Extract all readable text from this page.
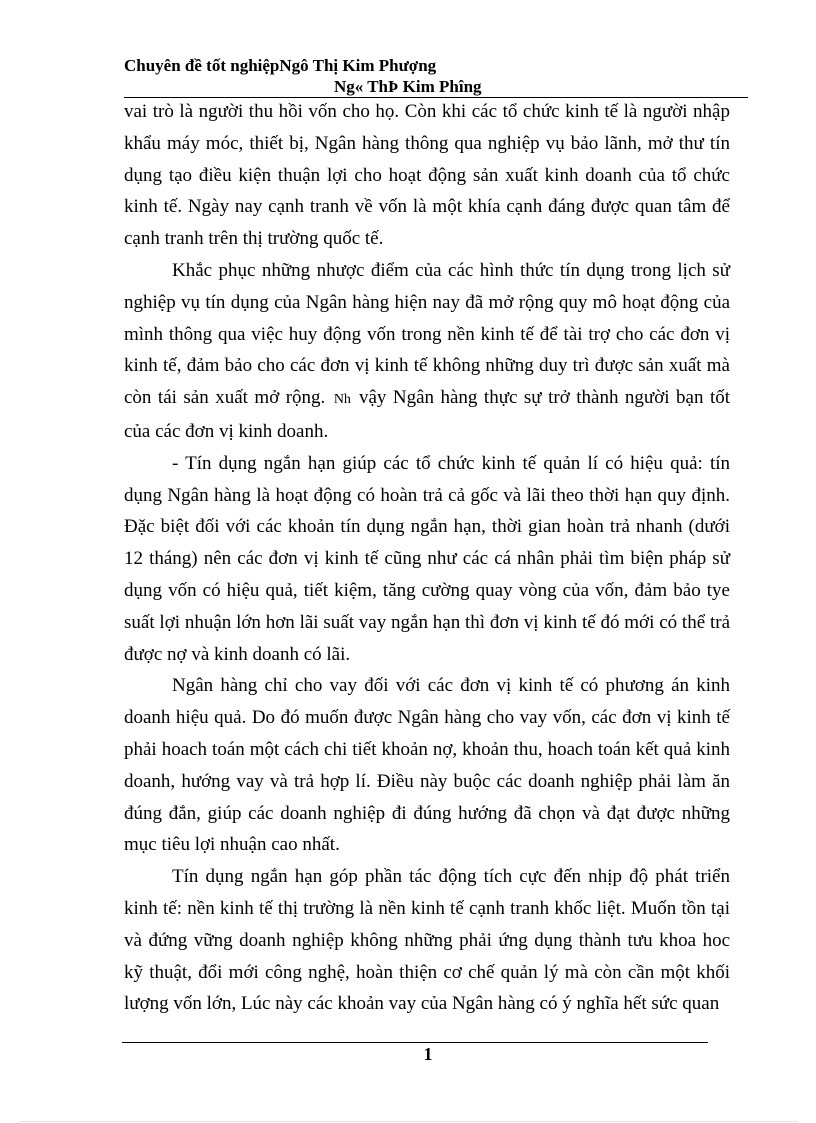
Chuyên đề tốt nghiệpNgô Thị Kim Phượng
Ng« ThÞ Kim Phîng

vai trò là người thu hồi vốn cho họ. Còn khi các tổ chức kinh tế là người nhập khẩu máy móc, thiết bị, Ngân hàng thông qua nghiệp vụ bảo lãnh, mở thư tín dụng tạo điều kiện thuận lợi cho hoạt động sản xuất kinh doanh của tổ chức kinh tế. Ngày nay cạnh tranh về vốn là một khía cạnh đáng được quan tâm để cạnh tranh trên thị trường quốc tế.

Khắc phục những nhược điểm của các hình thức tín dụng trong lịch sử nghiệp vụ tín dụng của Ngân hàng hiện nay đã mở rộng quy mô hoạt động của mình thông qua việc huy động vốn trong nền kinh tế để tài trợ cho các đơn vị kinh tế, đảm bảo cho các đơn vị kinh tế không những duy trì được sản xuất mà còn tái sản xuất mở rộng. Nh vậy Ngân hàng thực sự trở thành người bạn tốt của các đơn vị kinh doanh.

- Tín dụng ngắn hạn giúp các tổ chức kinh tế quản lí có hiệu quả: tín dụng Ngân hàng là hoạt động có hoàn trả cả gốc và lãi theo thời hạn quy định. Đặc biệt đối với các khoản tín dụng ngắn hạn, thời gian hoàn trả nhanh (dưới 12 tháng) nên các đơn vị kinh tế cũng như các cá nhân phải tìm biện pháp sử dụng vốn có hiệu quả, tiết kiệm, tăng cường quay vòng của vốn, đảm bảo tye suất lợi nhuận lớn hơn lãi suất vay ngắn hạn thì đơn vị kinh tế đó mới có thể trả được nợ và kinh doanh có lãi.

Ngân hàng chỉ cho vay đối với các đơn vị kinh tế có phương án kinh doanh hiệu quả. Do đó muốn được Ngân hàng cho vay vốn, các đơn vị kinh tế phải hoach toán một cách chi tiết khoản nợ, khoản thu, hoach toán kết quả kinh doanh, hướng vay và trả hợp lí. Điều này buộc các doanh nghiệp phải làm ăn đúng đắn, giúp các doanh nghiệp đi đúng hướng đã chọn và đạt được những mục tiêu lợi nhuận cao nhất.

Tín dụng ngắn hạn góp phần tác động tích cực đến nhịp độ phát triển kinh tế: nền kinh tế thị trường là nền kinh tế cạnh tranh khốc liệt. Muốn tồn tại và đứng vững doanh nghiệp không những phải ứng dụng thành tưu khoa hoc kỹ thuật, đổi mới công nghệ, hoàn thiện cơ chế quản lý mà còn cần một khối lượng vốn lớn, Lúc này các khoản vay của Ngân hàng có ý nghĩa hết sức quan

1
